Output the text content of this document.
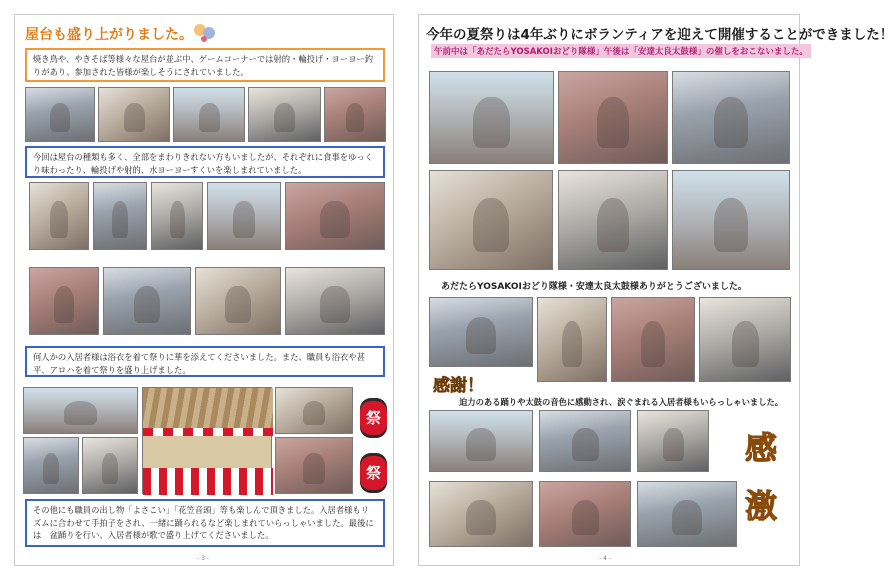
屋台も盛り上がりました。
焼き鳥や、やきそば等様々な屋台が並ぶ中、ゲームコーナーでは射的・輪投げ・ヨーヨー釣りがあり、参加された皆様が楽しそうにされていました。
今回は屋台の種類も多く、全部をまわりきれない方もいましたが、それぞれに食事をゆっくり味わったり、輪投げや射的、水ヨーヨーすくいを楽しまれていました。
何人かの入居者様は浴衣を着て祭りに華を添えてくださいました。また、職員も浴衣や甚平、アロハを着て祭りを盛り上げました。
祭
祭
その他にも職員の出し物「よさこい」「花笠音頭」等も楽しんで頂きました。入居者様もリズムに合わせて手拍子をされ、一緒に踊られるなど楽しまれていらっしゃいました。最後には　盆踊りを行い、入居者様が歌で盛り上げてくださいました。
- 3 -
今年の夏祭りは4年ぶりにボランティアを迎えて開催することができました！
午前中は「あだたらYOSAKOIおどり隊様」午後は「安達太良太鼓様」の催しをおこないました。
あだたらYOSAKOIおどり隊様・安達太良太鼓様ありがとうございました。
感謝！
迫力のある踊りや太鼓の音色に感動され、涙ぐまれる入居者様もいらっしゃいました。
感
激
- 4 -
